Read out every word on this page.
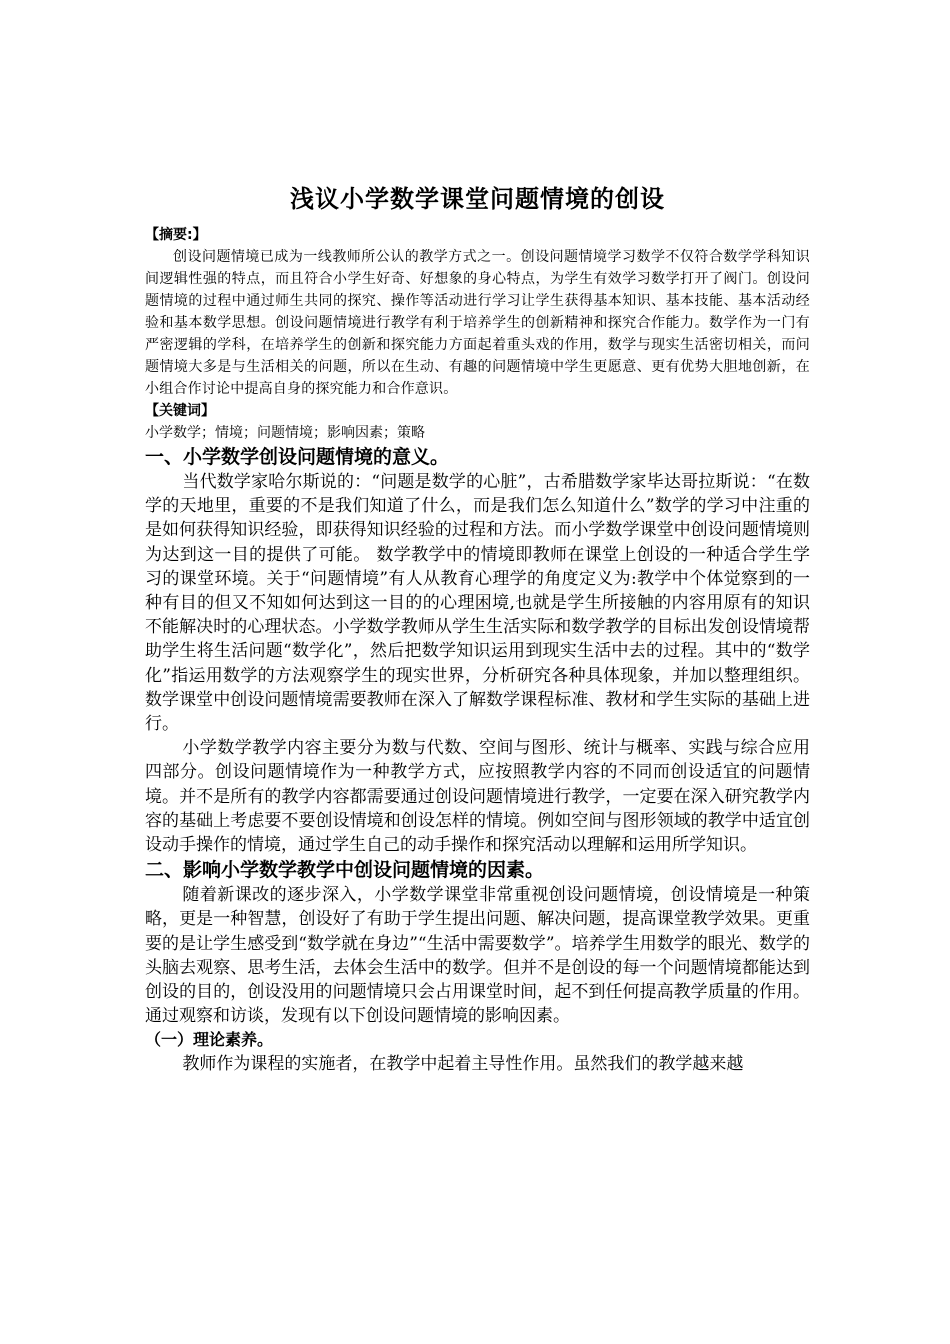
浅议小学数学课堂问题情境的创设

【摘要:】

创设问题情境已成为一线教师所公认的教学方式之一。创设问题情境学习数学不仅符合数学学科知识间逻辑性强的特点，而且符合小学生好奇、好想象的身心特点，为学生有效学习数学打开了阀门。创设问题情境的过程中通过师生共同的探究、操作等活动进行学习让学生获得基本知识、基本技能、基本活动经验和基本数学思想。创设问题情境进行教学有利于培养学生的创新精神和探究合作能力。数学作为一门有严密逻辑的学科，在培养学生的创新和探究能力方面起着重头戏的作用，数学与现实生活密切相关，而问题情境大多是与生活相关的问题，所以在生动、有趣的问题情境中学生更愿意、更有优势大胆地创新，在小组合作讨论中提高自身的探究能力和合作意识。

【关键词】

小学数学；情境；问题情境；影响因素；策略

一、小学数学创设问题情境的意义。

当代数学家哈尔斯说的：“问题是数学的心脏”，古希腊数学家毕达哥拉斯说：“在数学的天地里，重要的不是我们知道了什么，而是我们怎么知道什么”数学的学习中注重的是如何获得知识经验，即获得知识经验的过程和方法。而小学数学课堂中创设问题情境则为达到这一目的提供了可能。 数学教学中的情境即教师在课堂上创设的一种适合学生学习的课堂环境。关于“问题情境”有人从教育心理学的角度定义为:教学中个体觉察到的一种有目的但又不知如何达到这一目的的心理困境,也就是学生所接触的内容用原有的知识不能解决时的心理状态。小学数学教师从学生生活实际和数学教学的目标出发创设情境帮助学生将生活问题“数学化”，然后把数学知识运用到现实生活中去的过程。其中的“数学化”指运用数学的方法观察学生的现实世界，分析研究各种具体现象，并加以整理组织。数学课堂中创设问题情境需要教师在深入了解数学课程标准、教材和学生实际的基础上进行。

小学数学教学内容主要分为数与代数、空间与图形、统计与概率、实践与综合应用四部分。创设问题情境作为一种教学方式，应按照教学内容的不同而创设适宜的问题情境。并不是所有的教学内容都需要通过创设问题情境进行教学，一定要在深入研究教学内容的基础上考虑要不要创设情境和创设怎样的情境。例如空间与图形领域的教学中适宜创设动手操作的情境，通过学生自己的动手操作和探究活动以理解和运用所学知识。

二、影响小学数学教学中创设问题情境的因素。

随着新课改的逐步深入，小学数学课堂非常重视创设问题情境，创设情境是一种策略，更是一种智慧，创设好了有助于学生提出问题、解决问题，提高课堂教学效果。更重要的是让学生感受到“数学就在身边”“生活中需要数学”。培养学生用数学的眼光、数学的头脑去观察、思考生活，去体会生活中的数学。但并不是创设的每一个问题情境都能达到创设的目的，创设没用的问题情境只会占用课堂时间，起不到任何提高教学质量的作用。通过观察和访谈，发现有以下创设问题情境的影响因素。

（一）理论素养。

教师作为课程的实施者，在教学中起着主导性作用。虽然我们的教学越来越
